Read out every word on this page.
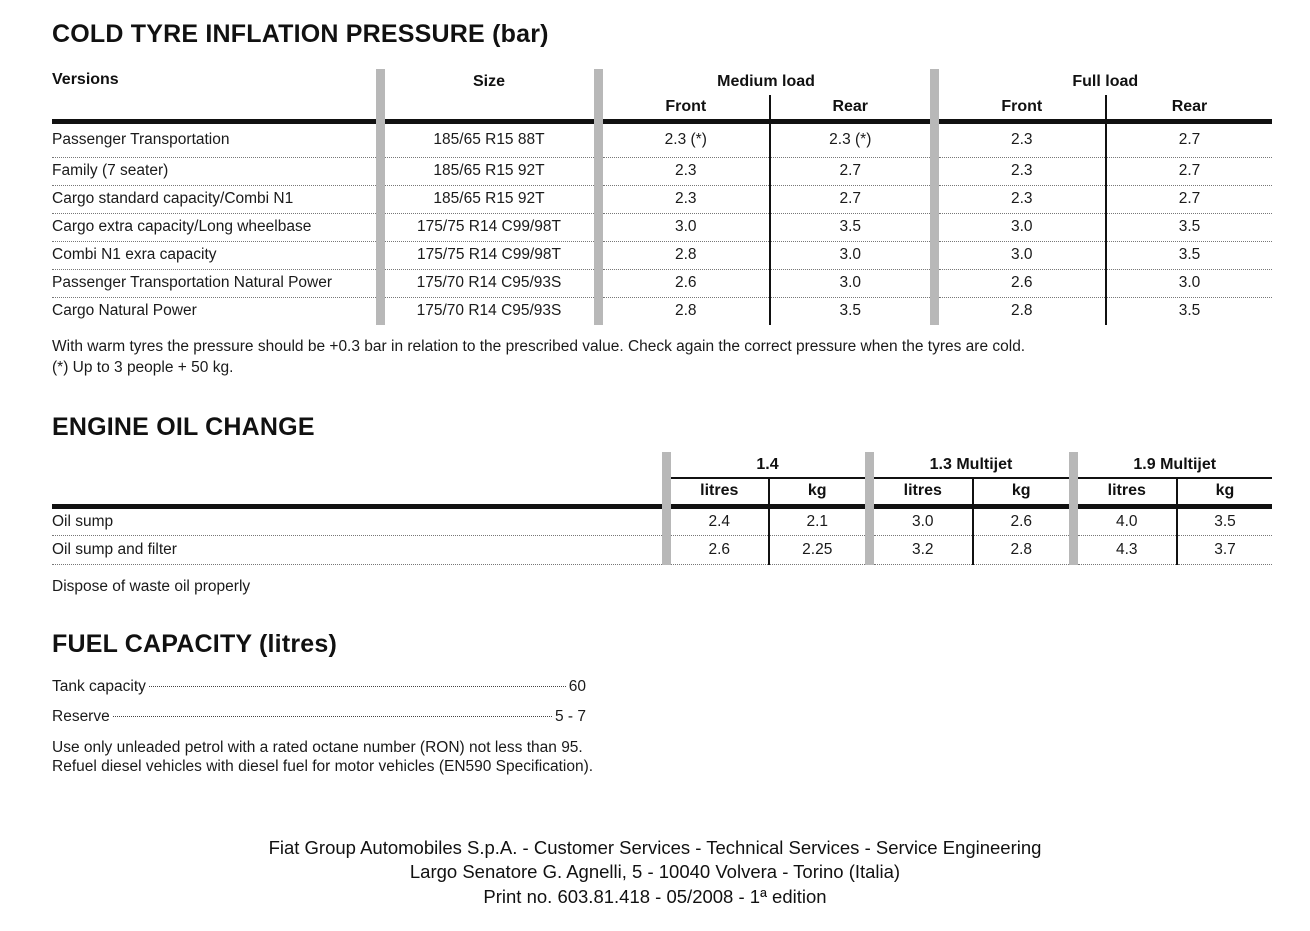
COLD TYRE INFLATION PRESSURE (bar)
Versions	Size	Medium load		Full load	
		Front	Rear	Front	Rear
Passenger Transportation	185/65 R15 88T	2.3 (*)	2.3 (*)	2.3	2.7
Family (7 seater)	185/65 R15 92T	2.3	2.7	2.3	2.7
Cargo standard capacity/Combi N1	185/65 R15 92T	2.3	2.7	2.3	2.7
Cargo extra capacity/Long wheelbase	175/75 R14 C99/98T	3.0	3.5	3.0	3.5
Combi N1 exra capacity	175/75 R14 C99/98T	2.8	3.0	3.0	3.5
Passenger Transportation Natural Power	175/70 R14 C95/93S	2.6	3.0	2.6	3.0
Cargo Natural Power	175/70 R14 C95/93S	2.8	3.5	2.8	3.5
With warm tyres the pressure should be +0.3 bar in relation to the prescribed value. Check again the correct pressure when the tyres are cold.
(*) Up to 3 people + 50 kg.
ENGINE OIL CHANGE
	1.4		1.3 Multijet		1.9 Multijet	
	litres	kg	litres	kg	litres	kg
Oil sump	2.4	2.1	3.0	2.6	4.0	3.5
Oil sump and filter	2.6	2.25	3.2	2.8	4.3	3.7
Dispose of waste oil properly
FUEL CAPACITY (litres)
Tank capacity	60
Reserve	5 - 7
Use only unleaded petrol with a rated octane number (RON) not less than 95.
Refuel diesel vehicles with diesel fuel for motor vehicles (EN590 Specification).
Fiat Group Automobiles S.p.A. - Customer Services - Technical Services - Service Engineering
Largo Senatore G. Agnelli, 5 - 10040 Volvera - Torino (Italia)
Print no. 603.81.418 - 05/2008 - 1ª edition
